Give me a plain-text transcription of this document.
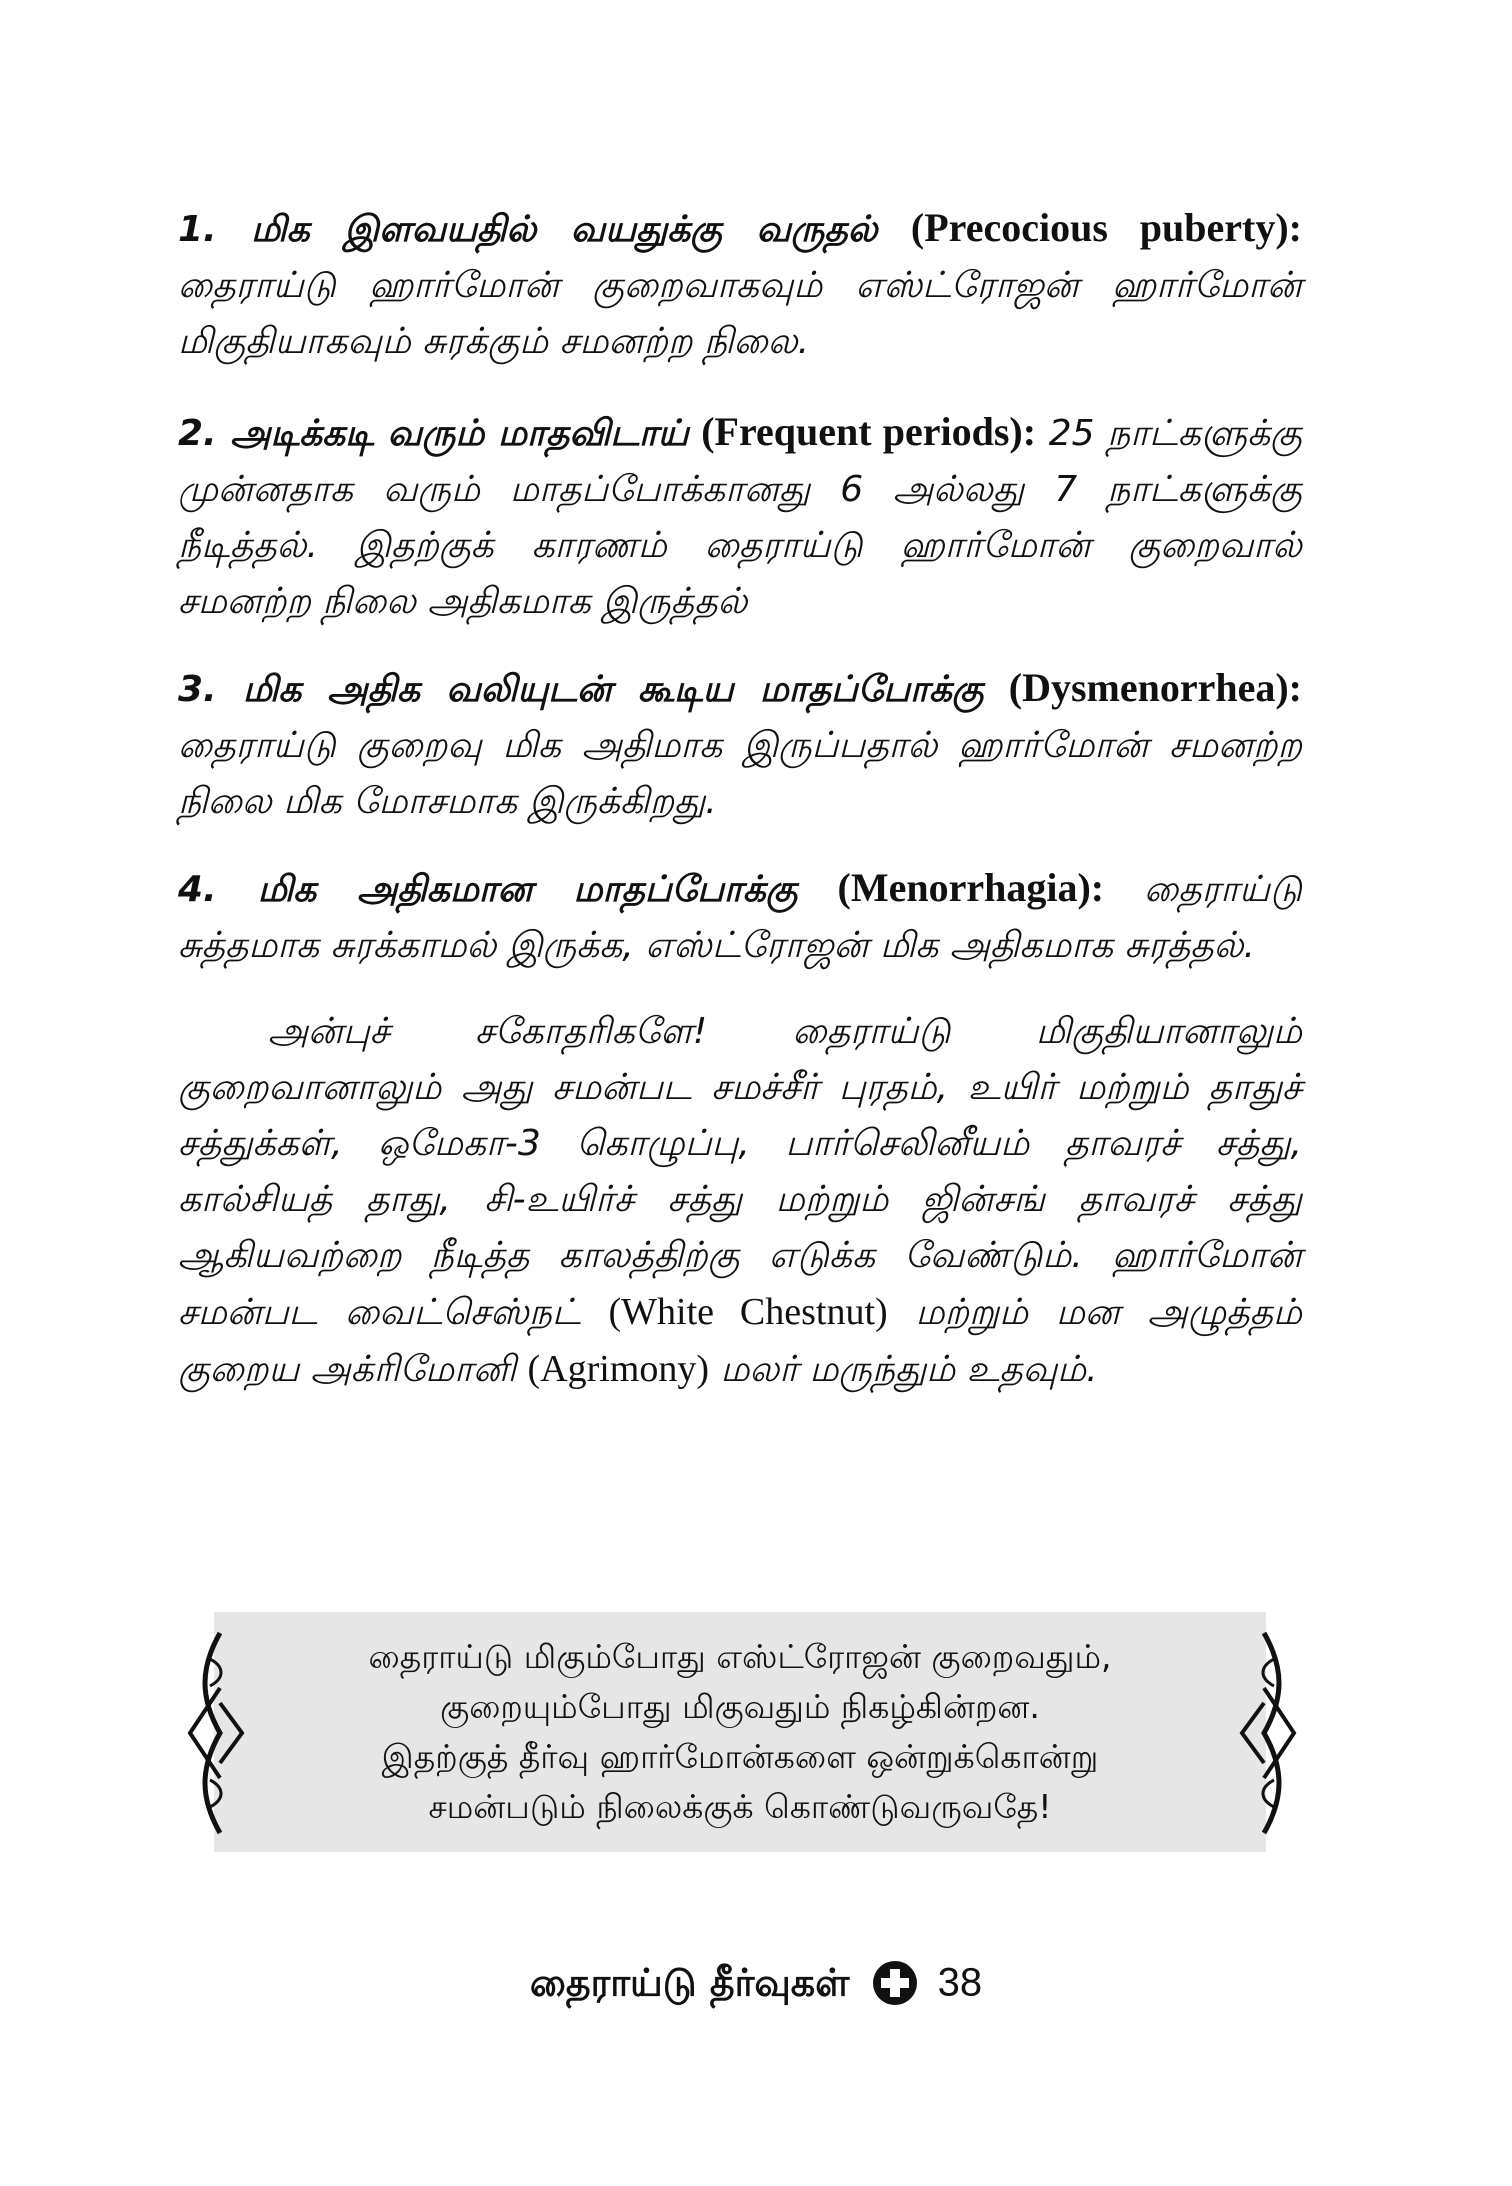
1. மிக இளவயதில் வயதுக்கு வருதல் (Precocious puberty): தைராய்டு ஹார்மோன் குறைவாகவும் எஸ்ட்ரோஜன் ஹார்மோன் மிகுதியாகவும் சுரக்கும் சமனற்ற நிலை.

2. அடிக்கடி வரும் மாதவிடாய் (Frequent periods): 25 நாட்களுக்கு முன்னதாக வரும் மாதப்போக்கானது 6 அல்லது 7 நாட்களுக்கு நீடித்தல். இதற்குக் காரணம் தைராய்டு ஹார்மோன் குறைவால் சமனற்ற நிலை அதிகமாக இருத்தல்

3. மிக அதிக வலியுடன் கூடிய மாதப்போக்கு (Dysmenorrhea): தைராய்டு குறைவு மிக அதிமாக இருப்பதால் ஹார்மோன் சமனற்ற நிலை மிக மோசமாக இருக்கிறது.

4. மிக அதிகமான மாதப்போக்கு (Menorrhagia): தைராய்டு சுத்தமாக சுரக்காமல் இருக்க, எஸ்ட்ரோஜன் மிக அதிகமாக சுரத்தல்.

அன்புச் சகோதரிகளே! தைராய்டு மிகுதியானாலும் குறைவானாலும் அது சமன்பட சமச்சீர் புரதம், உயிர் மற்றும் தாதுச் சத்துக்கள், ஒமேகா-3 கொழுப்பு, பார்செலினீயம் தாவரச் சத்து, கால்சியத் தாது, சி-உயிர்ச் சத்து மற்றும் ஜின்சங் தாவரச் சத்து ஆகியவற்றை நீடித்த காலத்திற்கு எடுக்க வேண்டும். ஹார்மோன் சமன்பட வைட்செஸ்நட் (White Chestnut) மற்றும் மன அழுத்தம் குறைய அக்ரிமோனி (Agrimony) மலர் மருந்தும் உதவும்.

தைராய்டு மிகும்போது எஸ்ட்ரோஜன் குறைவதும்,
குறையும்போது மிகுவதும் நிகழ்கின்றன.
இதற்குத் தீர்வு ஹார்மோன்களை ஒன்றுக்கொன்று
சமன்படும் நிலைக்குக் கொண்டுவருவதே!
தைராய்டு தீர்வுகள் 38
